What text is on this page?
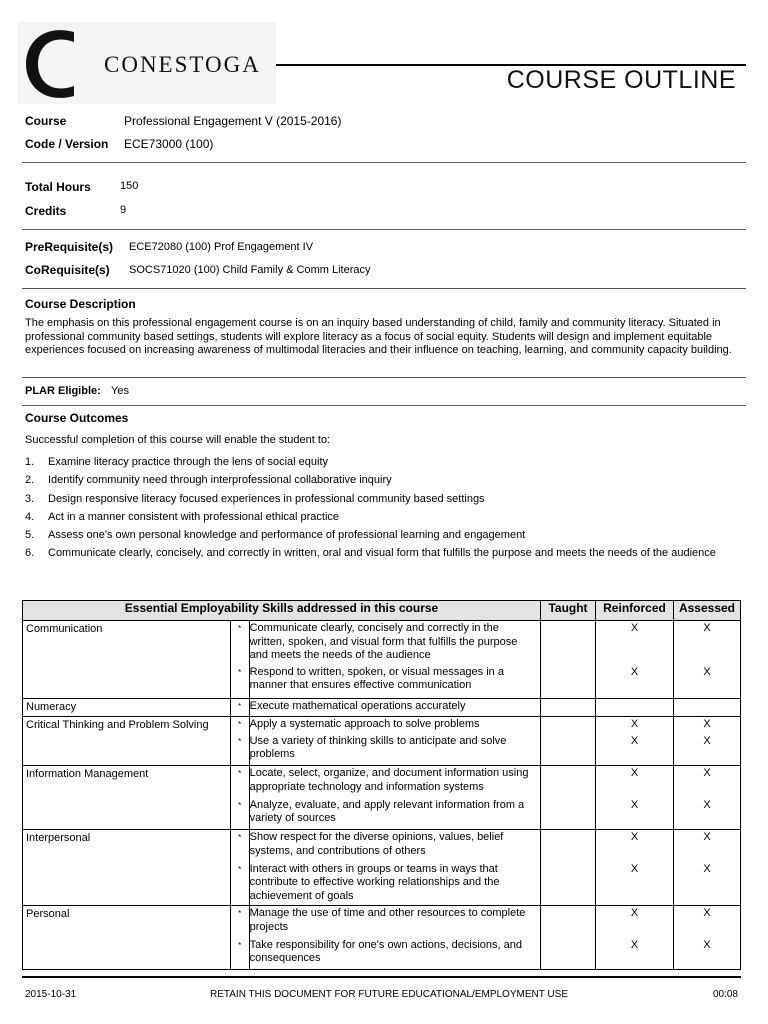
CONESTOGA
COURSE OUTLINE
Course	Professional Engagement V (2015-2016)
Code / Version ECE73000 (100)
Total Hours	150
Credits	9
PreRequisite(s) ECE72080 (100) Prof Engagement IV
CoRequisite(s) SOCS71020 (100) Child Family & Comm Literacy
Course Description
The emphasis on this professional engagement course is on an inquiry based understanding of child, family and community literacy. Situated in professional community based settings, students will explore literacy as a focus of social equity. Students will design and implement equitable experiences focused on increasing awareness of multimodal literacies and their influence on teaching, learning, and community capacity building.
PLAR Eligible: Yes
Course Outcomes
Successful completion of this course will enable the student to:
1.	Examine literacy practice through the lens of social equity
2.	Identify community need through interprofessional collaborative inquiry
3.	Design responsive literacy focused experiences in professional community based settings
4.	Act in a manner consistent with professional ethical practice
5.	Assess one's own personal knowledge and performance of professional learning and engagement
6.	Communicate clearly, concisely, and correctly in written, oral and visual form that fulfills the purpose and meets the needs of the audience
Essential Employability Skills addressed in this course			Taught	Reinforced	Assessed
Communication	*	Communicate clearly, concisely and correctly in the written, spoken, and visual form that fulfills the purpose and meets the needs of the audience		X	X
	*	Respond to written, spoken, or visual messages in a manner that ensures effective communication		X	X
Numeracy	*	Execute mathematical operations accurately			
Critical Thinking and Problem Solving	*	Apply a systematic approach to solve problems		X	X
	*	Use a variety of thinking skills to anticipate and solve problems		X	X
Information Management	*	Locate, select, organize, and document information using appropriate technology and information systems		X	X
	*	Analyze, evaluate, and apply relevant information from a variety of sources		X	X
Interpersonal	*	Show respect for the diverse opinions, values, belief systems, and contributions of others		X	X
	*	Interact with others in groups or teams in ways that contribute to effective working relationships and the achievement of goals		X	X
Personal	*	Manage the use of time and other resources to complete projects		X	X
	*	Take responsibility for one's own actions, decisions, and consequences		X	X
2015-10-31	RETAIN THIS DOCUMENT FOR FUTURE EDUCATIONAL/EMPLOYMENT USE	00:08
